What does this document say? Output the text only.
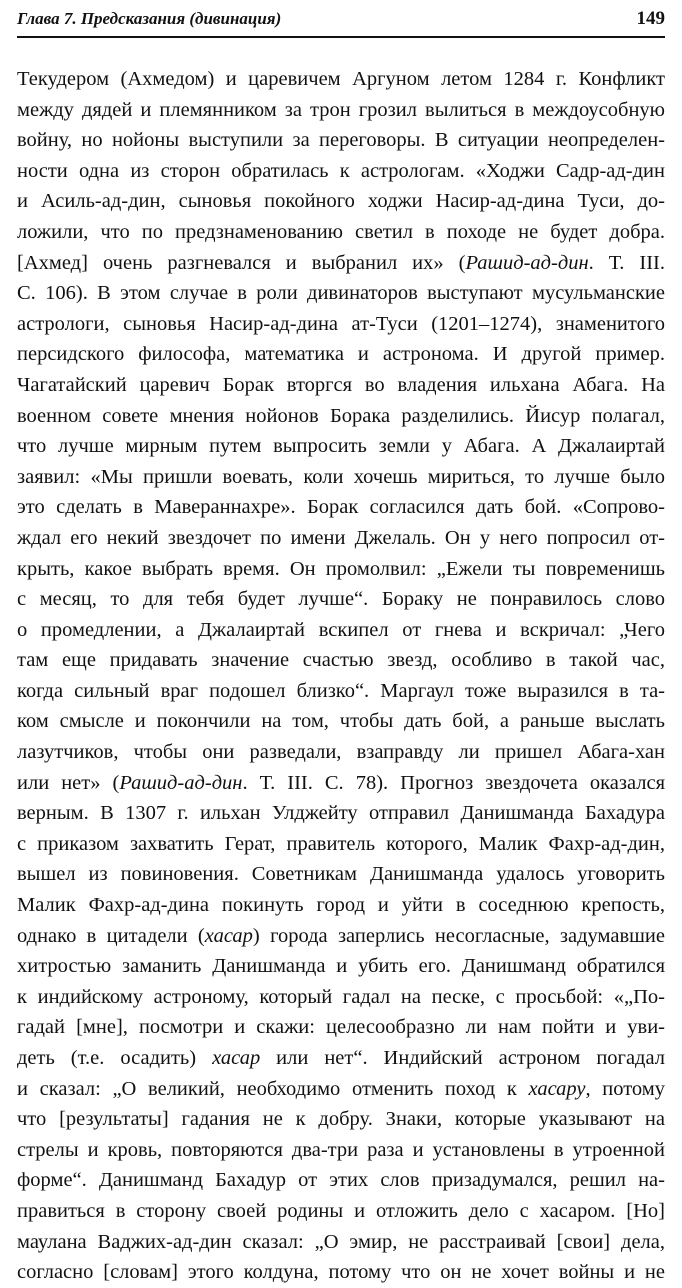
Глава 7. Предсказания (дивинация)	149
Текудером (Ахмедом) и царевичем Аргуном летом 1284 г. Конфликт
между дядей и племянником за трон грозил вылиться в междоусобную
войну, но нойоны выступили за переговоры. В ситуации неопределен-
ности одна из сторон обратилась к астрологам. «Ходжи Садр-ад-дин
и Асиль-ад-дин, сыновья покойного ходжи Насир-ад-дина Туси, до-
ложили, что по предзнаменованию светил в походе не будет добра.
[Ахмед] очень разгневался и выбранил их» (Рашид-ад-дин. Т. III.
С. 106). В этом случае в роли дивинаторов выступают мусульманские
астрологи, сыновья Насир-ад-дина ат-Туси (1201–1274), знаменитого
персидского философа, математика и астронома. И другой пример.
Чагатайский царевич Борак вторгся во владения ильхана Абага. На
военном совете мнения нойонов Борака разделились. Йисур полагал,
что лучше мирным путем выпросить земли у Абага. А Джалаиртай
заявил: «Мы пришли воевать, коли хочешь мириться, то лучше было
это сделать в Мавераннахре». Борак согласился дать бой. «Сопрово-
ждал его некий звездочет по имени Джелаль. Он у него попросил от-
крыть, какое выбрать время. Он промолвил: „Ежели ты повременишь
с месяц, то для тебя будет лучше“. Бораку не понравилось слово
о промедлении, а Джалаиртай вскипел от гнева и вскричал: „Чего
там еще придавать значение счастью звезд, особливо в такой час,
когда сильный враг подошел близко“. Маргаул тоже выразился в та-
ком смысле и покончили на том, чтобы дать бой, а раньше выслать
лазутчиков, чтобы они разведали, взаправду ли пришел Абага-хан
или нет» (Рашид-ад-дин. Т. III. С. 78). Прогноз звездочета оказался
верным. В 1307 г. ильхан Улджейту отправил Данишманда Бахадура
с приказом захватить Герат, правитель которого, Малик Фахр-ад-дин,
вышел из повиновения. Советникам Данишманда удалось уговорить
Малик Фахр-ад-дина покинуть город и уйти в соседнюю крепость,
однако в цитадели (хасар) города заперлись несогласные, задумавшие
хитростью заманить Данишманда и убить его. Данишманд обратился
к индийскому астроному, который гадал на песке, с просьбой: «„По-
гадай [мне], посмотри и скажи: целесообразно ли нам пойти и уви-
деть (т.е. осадить) хасар или нет“. Индийский астроном погадал
и сказал: „О великий, необходимо отменить поход к хасару, потому
что [результаты] гадания не к добру. Знаки, которые указывают на
стрелы и кровь, повторяются два-три раза и установлены в утроенной
форме“. Данишманд Бахадур от этих слов призадумался, решил на-
правиться в сторону своей родины и отложить дело с хасаром. [Но]
маулана Ваджих-ад-дин сказал: „О эмир, не расстраивай [свои] дела,
согласно [словам] этого колдуна, потому что он не хочет войны и не
